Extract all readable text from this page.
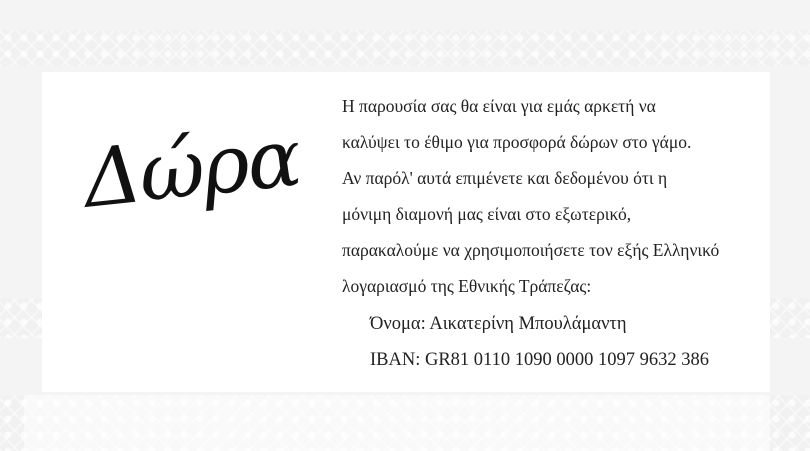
Δώρα
Η παρουσία σας θα είναι για εμάς αρκετή να
καλύψει το έθιμο για προσφορά δώρων στο γάμο.
Αν παρόλ' αυτά επιμένετε και δεδομένου ότι η
μόνιμη διαμονή μας είναι στο εξωτερικό,
παρακαλούμε να χρησιμοποιήσετε τον εξής Ελληνικό
λογαριασμό της Εθνικής Τράπεζας:
Όνομα: Αικατερίνη Μπουλάμαντη
IBAN: GR81 0110 1090 0000 1097 9632 386
